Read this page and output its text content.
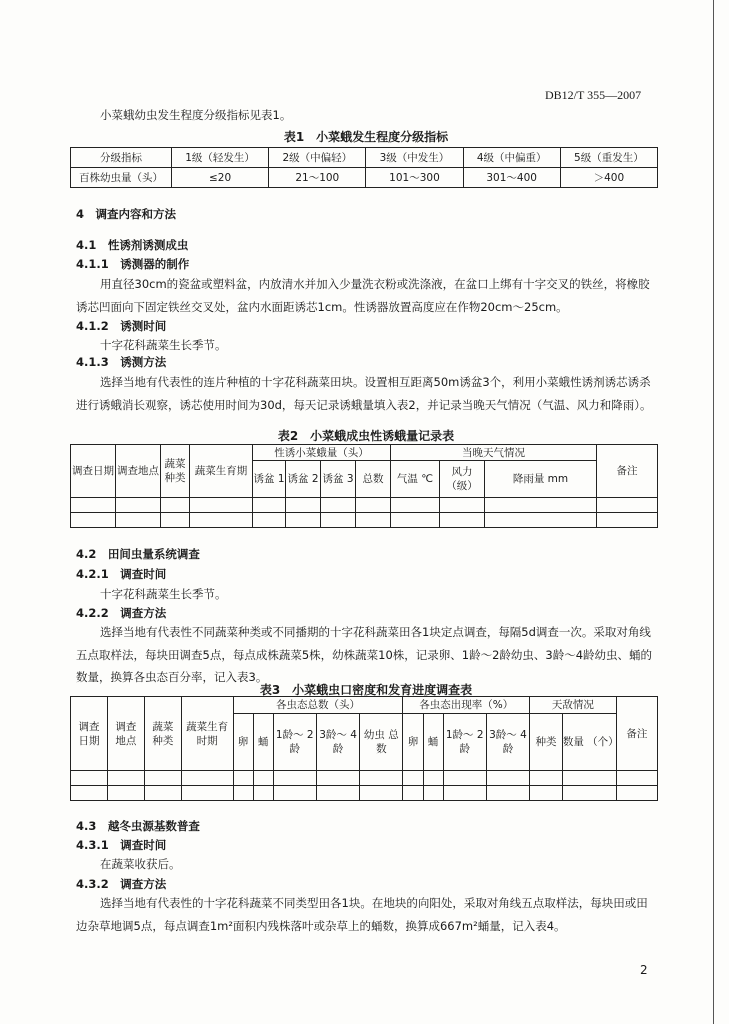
DB12/T 355—2007
小菜蛾幼虫发生程度分级指标见表1。
表1　小菜蛾发生程度分级指标
分级指标	1级（轻发生）	2级（中偏轻）	3级（中发生）	4级（中偏重）	5级（重发生）
百株幼虫量（头）	≤20	21～100	101～300	301～400	＞400
4　调查内容和方法
4.1　性诱剂诱测成虫
4.1.1　诱测器的制作
用直径30cm的瓷盆或塑料盆，内放清水并加入少量洗衣粉或洗涤液，在盆口上绑有十字交叉的铁丝，将橡胶诱芯凹面向下固定铁丝交叉处，盆内水面距诱芯1cm。性诱器放置高度应在作物20cm～25cm。
4.1.2　诱测时间
十字花科蔬菜生长季节。
4.1.3　诱测方法
选择当地有代表性的连片种植的十字花科蔬菜田块。设置相互距离50m诱盆3个，利用小菜蛾性诱剂诱芯诱杀进行诱蛾消长观察，诱芯使用时间为30d，每天记录诱蛾量填入表2，并记录当晚天气情况（气温、风力和降雨）。
表2　小菜蛾成虫性诱蛾量记录表
调查日期	调查地点	蔬菜种类	蔬菜生育期	性诱小菜蛾量（头）				当晚天气情况			备注
				诱盆 1	诱盆 2	诱盆 3	总数	气温 ℃	风力 （级）	降雨量 mm	

4.2　田间虫量系统调查
4.2.1　调查时间
十字花科蔬菜生长季节。
4.2.2　调查方法
选择当地有代表性不同蔬菜种类或不同播期的十字花科蔬菜田各1块定点调查，每隔5d调查一次。采取对角线五点取样法，每块田调查5点，每点成株蔬菜5株，幼株蔬菜10株，记录卵、1龄～2龄幼虫、3龄～4龄幼虫、蛹的数量，换算各虫态百分率，记入表3。
表3　小菜蛾虫口密度和发育进度调查表
调查日期	调查地点	蔬菜种类	蔬菜生育时期	各虫态总数（头）					各虫态出现率（%）				天敌情况		备注
				卵	蛹	1龄～ 2龄	3龄～ 4龄	幼虫 总数	卵	蛹	1龄～ 2龄	3龄～ 4龄	种类	数量 （个）	

4.3　越冬虫源基数普查
4.3.1　调查时间
在蔬菜收获后。
4.3.2　调查方法
选择当地有代表性的十字花科蔬菜不同类型田各1块。在地块的向阳处，采取对角线五点取样法，每块田或田边杂草地调5点，每点调查1m²面积内残株落叶或杂草上的蛹数，换算成667m²蛹量，记入表4。
2
